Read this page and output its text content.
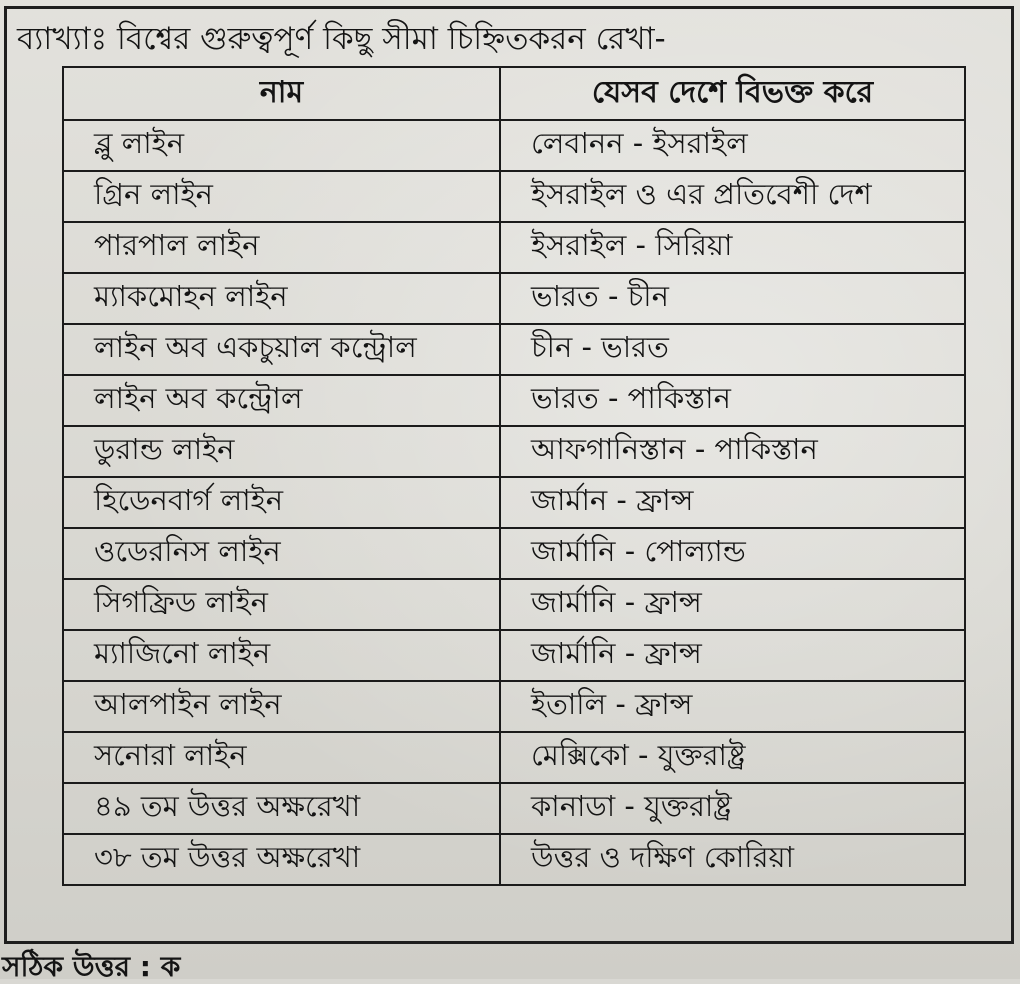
ব্যাখ্যাঃ বিশ্বের গুরুত্বপূর্ণ কিছু সীমা চিহ্নিতকরন রেখা-
নাম	যেসব দেশে বিভক্ত করে
ব্লু লাইন	লেবানন - ইসরাইল
গ্রিন লাইন	ইসরাইল ও এর প্রতিবেশী দেশ
পারপাল লাইন	ইসরাইল - সিরিয়া
ম্যাকমোহন লাইন	ভারত - চীন
লাইন অব একচুয়াল কন্ট্রোল	চীন - ভারত
লাইন অব কন্ট্রোল	ভারত - পাকিস্তান
ডুরান্ড লাইন	আফগানিস্তান - পাকিস্তান
হিডেনবার্গ লাইন	জার্মান - ফ্রান্স
ওডেরনিস লাইন	জার্মানি - পোল্যান্ড
সিগফ্রিড লাইন	জার্মানি - ফ্রান্স
ম্যাজিনো লাইন	জার্মানি - ফ্রান্স
আলপাইন লাইন	ইতালি - ফ্রান্স
সনোরা লাইন	মেক্সিকো - যুক্তরাষ্ট্র
৪৯ তম উত্তর অক্ষরেখা	কানাডা - যুক্তরাষ্ট্র
৩৮ তম উত্তর অক্ষরেখা	উত্তর ও দক্ষিণ কোরিয়া
সঠিক উত্তর : ক
